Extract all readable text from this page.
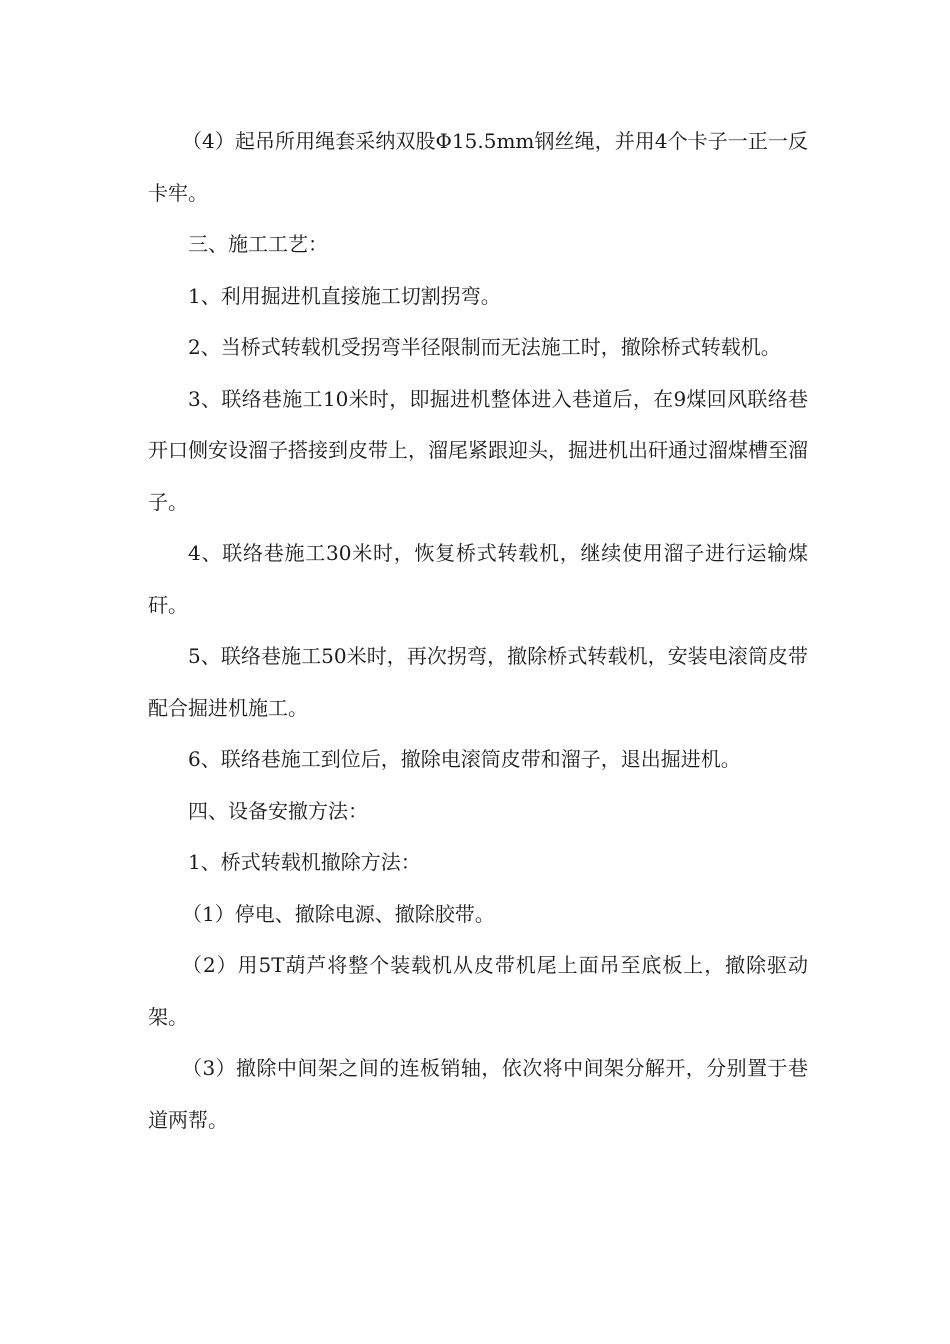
（4）起吊所用绳套采纳双股Φ15.5mm钢丝绳，并用4个卡子一正一反卡牢。

三、施工工艺：

1、利用掘进机直接施工切割拐弯。

2、当桥式转载机受拐弯半径限制而无法施工时，撤除桥式转载机。

3、联络巷施工10米时，即掘进机整体进入巷道后，在9煤回风联络巷开口侧安设溜子搭接到皮带上，溜尾紧跟迎头，掘进机出矸通过溜煤槽至溜子。

4、联络巷施工30米时，恢复桥式转载机，继续使用溜子进行运输煤矸。

5、联络巷施工50米时，再次拐弯，撤除桥式转载机，安装电滚筒皮带配合掘进机施工。

6、联络巷施工到位后，撤除电滚筒皮带和溜子，退出掘进机。

四、设备安撤方法：

1、桥式转载机撤除方法：

（1）停电、撤除电源、撤除胶带。

（2）用5T葫芦将整个装载机从皮带机尾上面吊至底板上，撤除驱动架。

（3）撤除中间架之间的连板销轴，依次将中间架分解开，分别置于巷道两帮。
